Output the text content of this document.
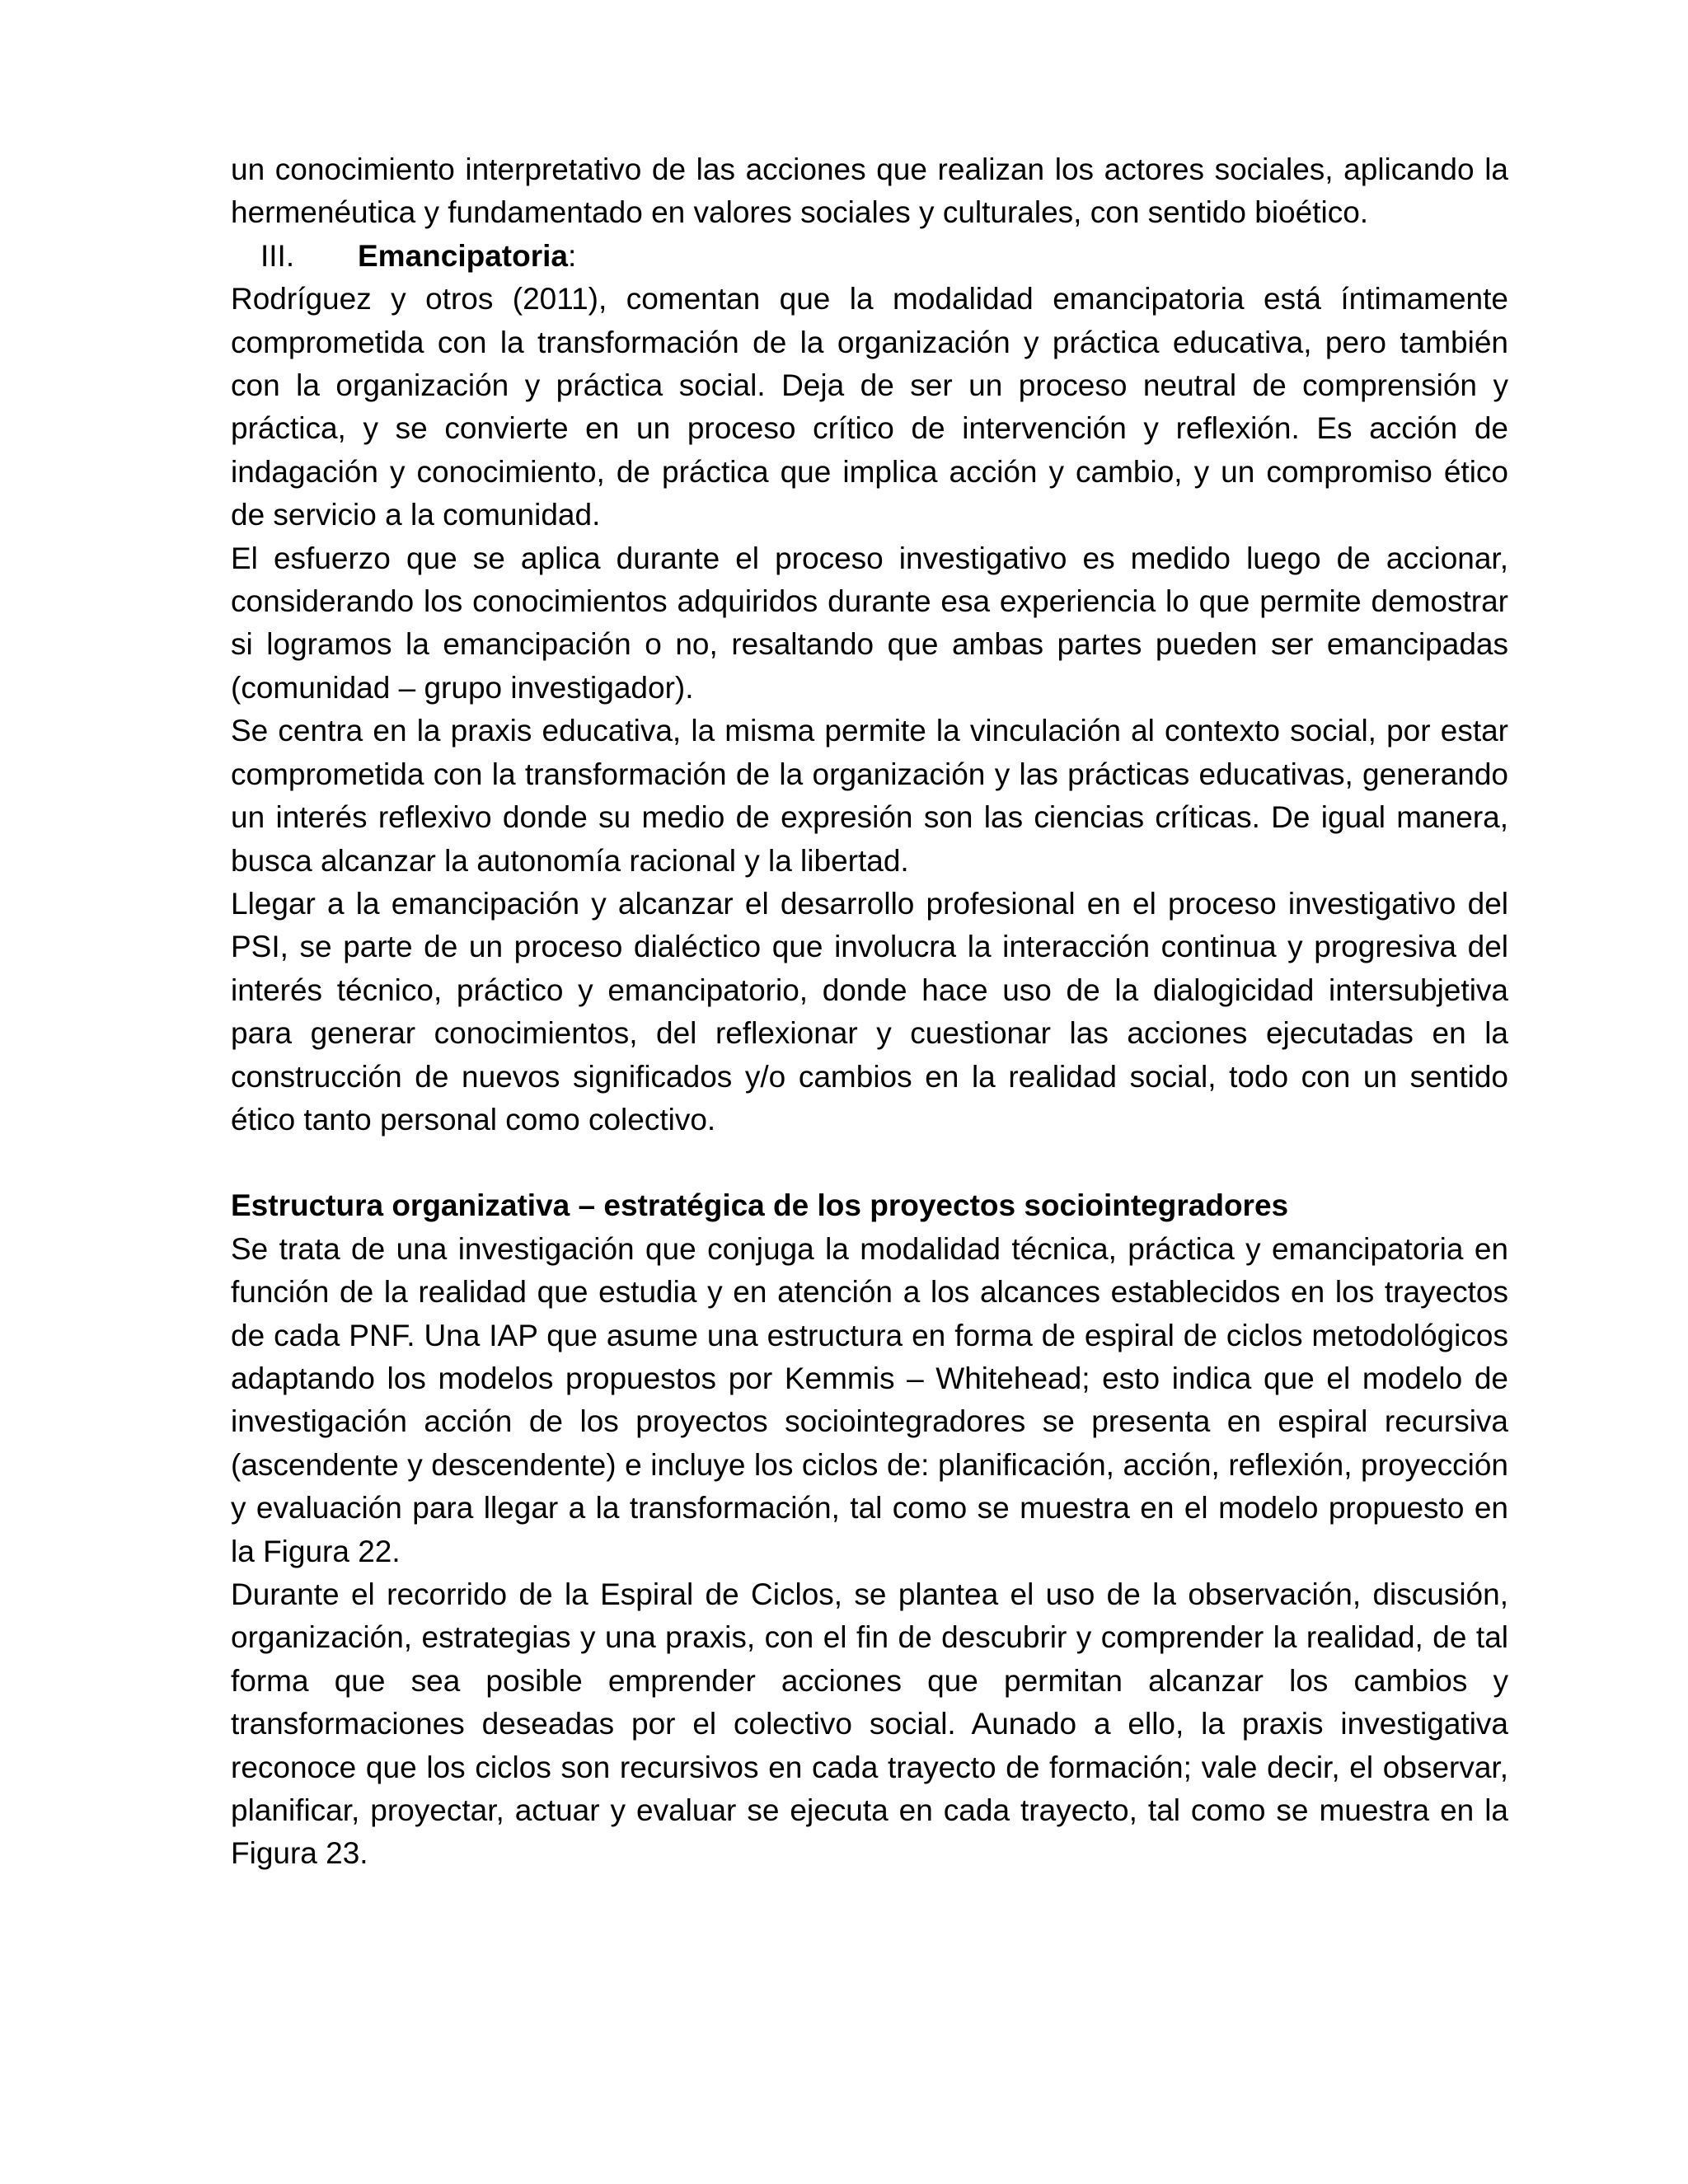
un conocimiento interpretativo de las acciones que realizan los actores sociales, aplicando la hermenéutica y fundamentado en valores sociales y culturales, con sentido bioético.

III. Emancipatoria:

Rodríguez y otros (2011), comentan que la modalidad emancipatoria está íntimamente comprometida con la transformación de la organización y práctica educativa, pero también con la organización y práctica social. Deja de ser un proceso neutral de comprensión y práctica, y se convierte en un proceso crítico de intervención y reflexión. Es acción de indagación y conocimiento, de práctica que implica acción y cambio, y un compromiso ético de servicio a la comunidad.

El esfuerzo que se aplica durante el proceso investigativo es medido luego de accionar, considerando los conocimientos adquiridos durante esa experiencia lo que permite demostrar si logramos la emancipación o no, resaltando que ambas partes pueden ser emancipadas (comunidad – grupo investigador).

Se centra en la praxis educativa, la misma permite la vinculación al contexto social, por estar comprometida con la transformación de la organización y las prácticas educativas, generando un interés reflexivo donde su medio de expresión son las ciencias críticas. De igual manera, busca alcanzar la autonomía racional y la libertad.

Llegar a la emancipación y alcanzar el desarrollo profesional en el proceso investigativo del PSI, se parte de un proceso dialéctico que involucra la interacción continua y progresiva del interés técnico, práctico y emancipatorio, donde hace uso de la dialogicidad intersubjetiva para generar conocimientos, del reflexionar y cuestionar las acciones ejecutadas en la construcción de nuevos significados y/o cambios en la realidad social, todo con un sentido ético tanto personal como colectivo.

Estructura organizativa – estratégica de los proyectos sociointegradores

Se trata de una investigación que conjuga la modalidad técnica, práctica y emancipatoria en función de la realidad que estudia y en atención a los alcances establecidos en los trayectos de cada PNF. Una IAP que asume una estructura en forma de espiral de ciclos metodológicos adaptando los modelos propuestos por Kemmis – Whitehead; esto indica que el modelo de investigación acción de los proyectos sociointegradores se presenta en espiral recursiva (ascendente y descendente) e incluye los ciclos de: planificación, acción, reflexión, proyección y evaluación para llegar a la transformación, tal como se muestra en el modelo propuesto en la Figura 22.

Durante el recorrido de la Espiral de Ciclos, se plantea el uso de la observación, discusión, organización, estrategias y una praxis, con el fin de descubrir y comprender la realidad, de tal forma que sea posible emprender acciones que permitan alcanzar los cambios y transformaciones deseadas por el colectivo social. Aunado a ello, la praxis investigativa reconoce que los ciclos son recursivos en cada trayecto de formación; vale decir, el observar, planificar, proyectar, actuar y evaluar se ejecuta en cada trayecto, tal como se muestra en la Figura 23.
